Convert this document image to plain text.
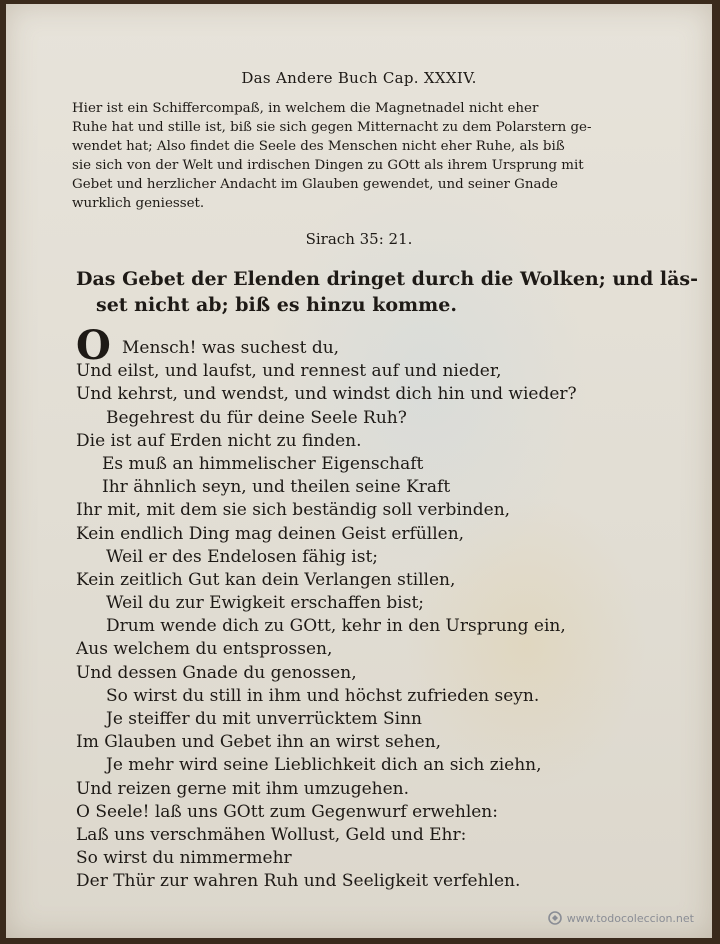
Das Andere Buch Cap. XXXIV.
Hier ist ein Schiffercompaß, in welchem die Magnetnadel nicht eher
Ruhe hat und stille ist, biß sie sich gegen Mitternacht zu dem Polarstern ge-
wendet hat; Also findet die Seele des Menschen nicht eher Ruhe, als biß
sie sich von der Welt und irdischen Dingen zu GOtt als ihrem Ursprung mit
Gebet und herzlicher Andacht im Glauben gewendet, und seiner Gnade
wurklich geniesset.
Sirach 35: 21.
Das Gebet der Elenden dringet durch die Wolken; und läs-
set nicht ab; biß es hinzu komme.
O Mensch! was suchest du,
Und eilst, und laufst, und rennest auf und nieder,
Und kehrst, und wendst, und windst dich hin und wieder?
Begehrest du für deine Seele Ruh?
Die ist auf Erden nicht zu finden.
Es muß an himmelischer Eigenschaft
Ihr ähnlich seyn, und theilen seine Kraft
Ihr mit, mit dem sie sich beständig soll verbinden,
Kein endlich Ding mag deinen Geist erfüllen,
Weil er des Endelosen fähig ist;
Kein zeitlich Gut kan dein Verlangen stillen,
Weil du zur Ewigkeit erschaffen bist;
Drum wende dich zu GOtt, kehr in den Ursprung ein,
Aus welchem du entsprossen,
Und dessen Gnade du genossen,
So wirst du still in ihm und höchst zufrieden seyn.
Je steiffer du mit unverrücktem Sinn
Im Glauben und Gebet ihn an wirst sehen,
Je mehr wird seine Lieblichkeit dich an sich ziehn,
Und reizen gerne mit ihm umzugehen.
O Seele! laß uns GOtt zum Gegenwurf erwehlen:
Laß uns verschmähen Wollust, Geld und Ehr:
So wirst du nimmermehr
Der Thür zur wahren Ruh und Seeligkeit verfehlen.
www.todocoleccion.net
